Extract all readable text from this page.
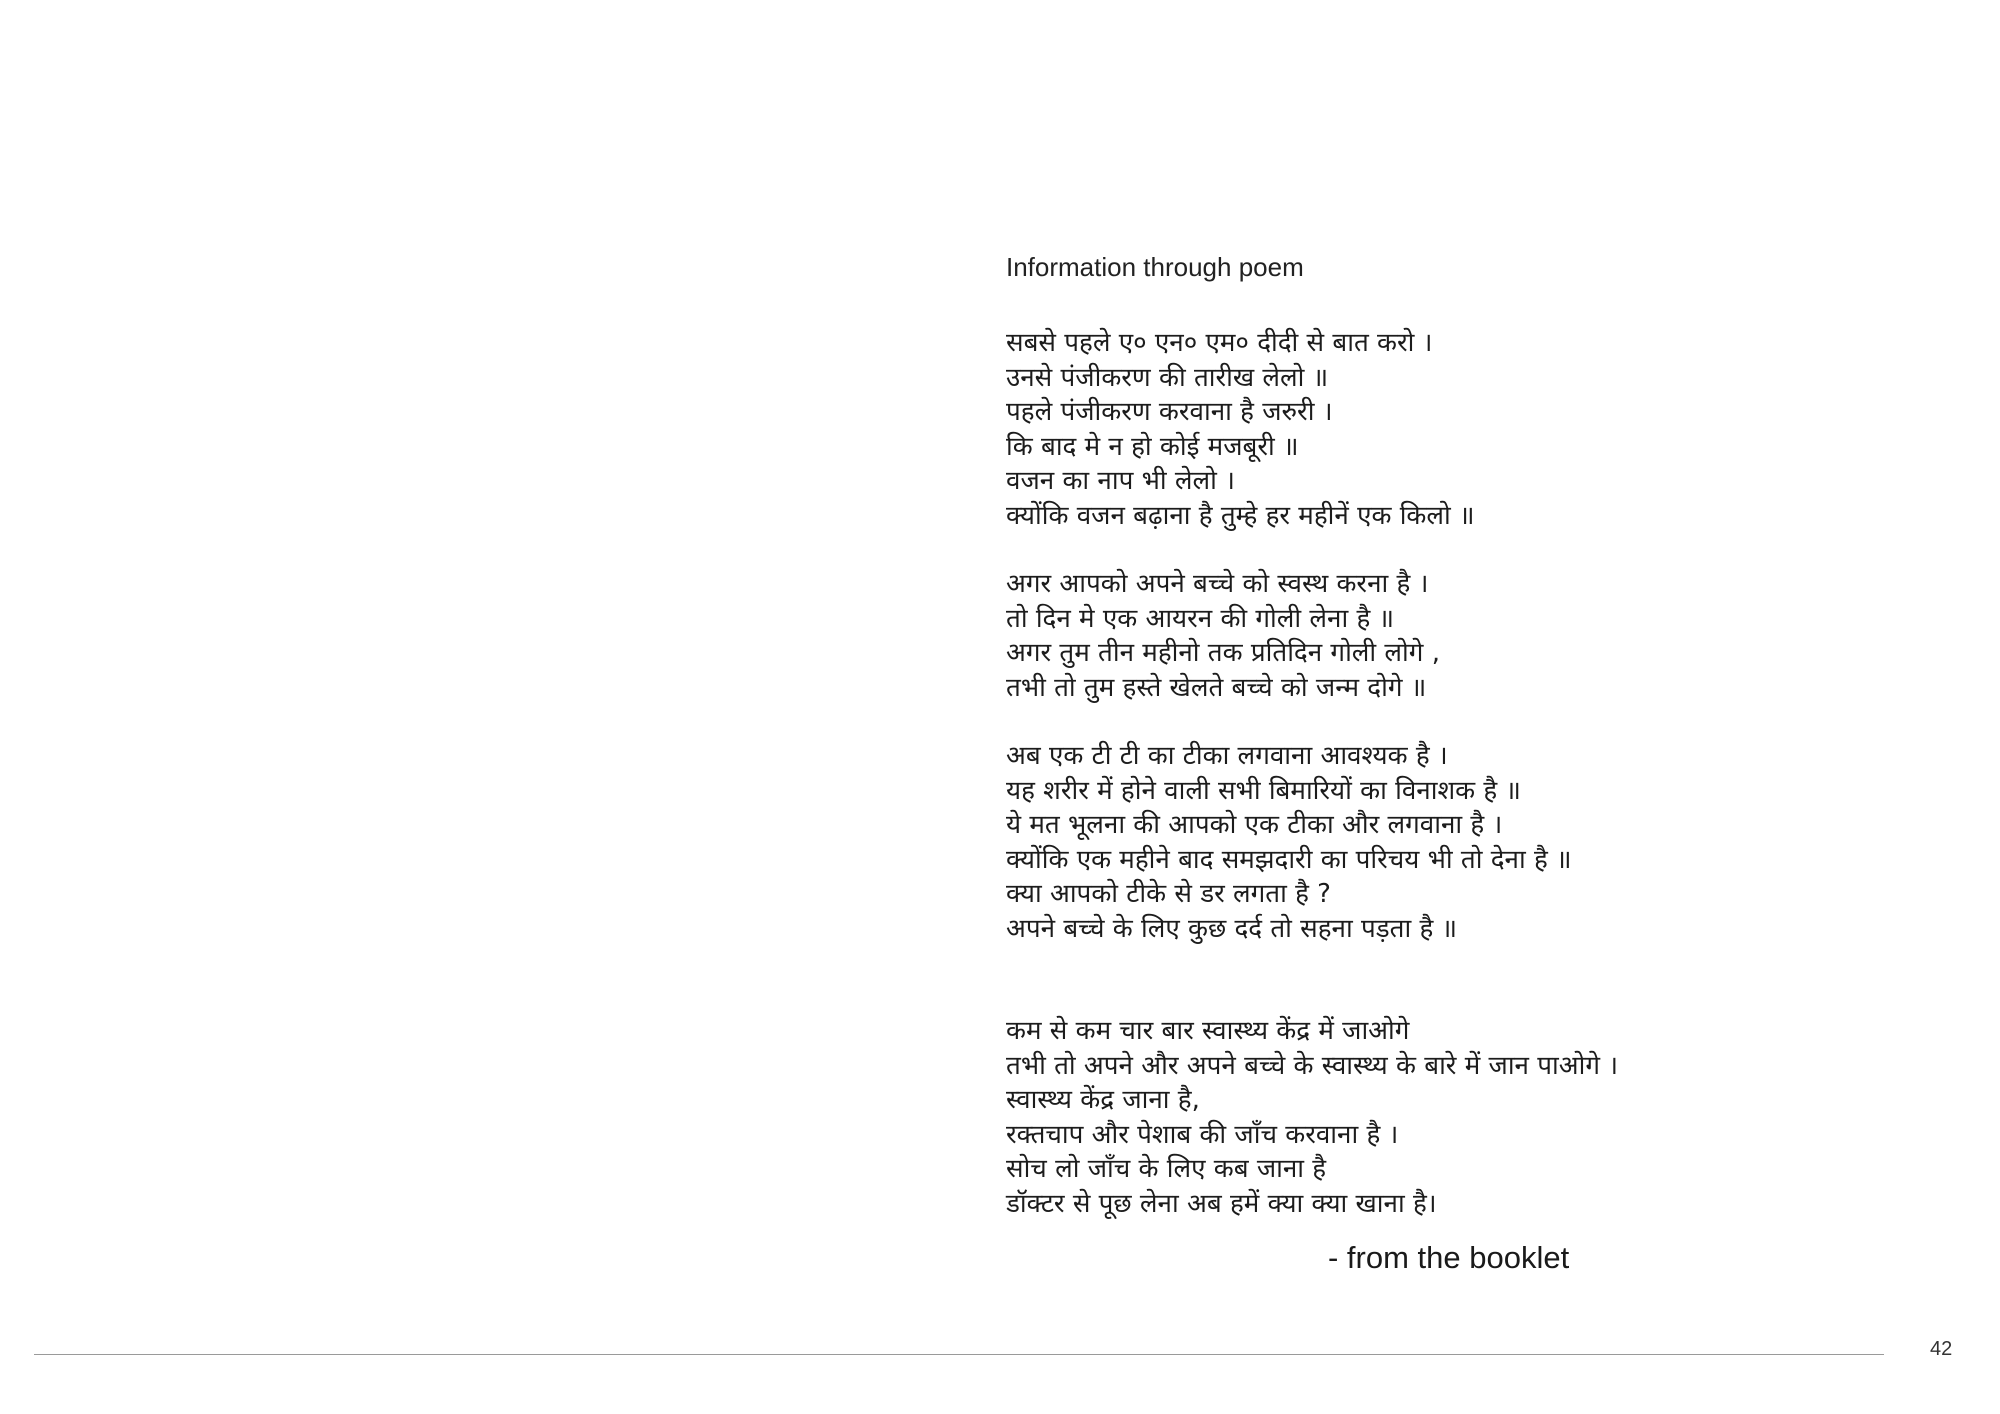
Information through poem
सबसे पहले ए० एन० एम० दीदी से बात करो ।
उनसे पंजीकरण की तारीख लेलो ॥
पहले पंजीकरण करवाना है जरुरी ।
कि बाद मे न हो कोई मजबूरी ॥
वजन का नाप भी लेलो ।
क्योंकि वजन बढ़ाना है तुम्हे हर महीनें एक किलो ॥
अगर आपको अपने बच्चे को स्वस्थ करना है ।
तो दिन मे एक आयरन की गोली लेना है ॥
अगर तुम तीन महीनो तक प्रतिदिन गोली लोगे ,
तभी तो तुम हस्ते खेलते बच्चे को जन्म दोगे ॥
अब एक टी टी का टीका लगवाना आवश्यक है ।
यह शरीर में होने वाली सभी बिमारियों का विनाशक है ॥
ये मत भूलना की आपको एक टीका और लगवाना है ।
क्योंकि एक महीने बाद समझदारी का परिचय भी तो देना है ॥
क्या आपको टीके से डर लगता है ?
अपने बच्चे के लिए कुछ दर्द तो सहना पड़ता है ॥
कम से कम चार बार स्वास्थ्य केंद्र में जाओगे
तभी तो अपने और अपने बच्चे के स्वास्थ्य के बारे में जान पाओगे ।
स्वास्थ्य केंद्र जाना है,
रक्तचाप और पेशाब की जाँच करवाना है ।
सोच लो जाँच के लिए कब जाना है
डॉक्टर से पूछ लेना अब हमें क्या क्या खाना है।
- from the booklet
42
